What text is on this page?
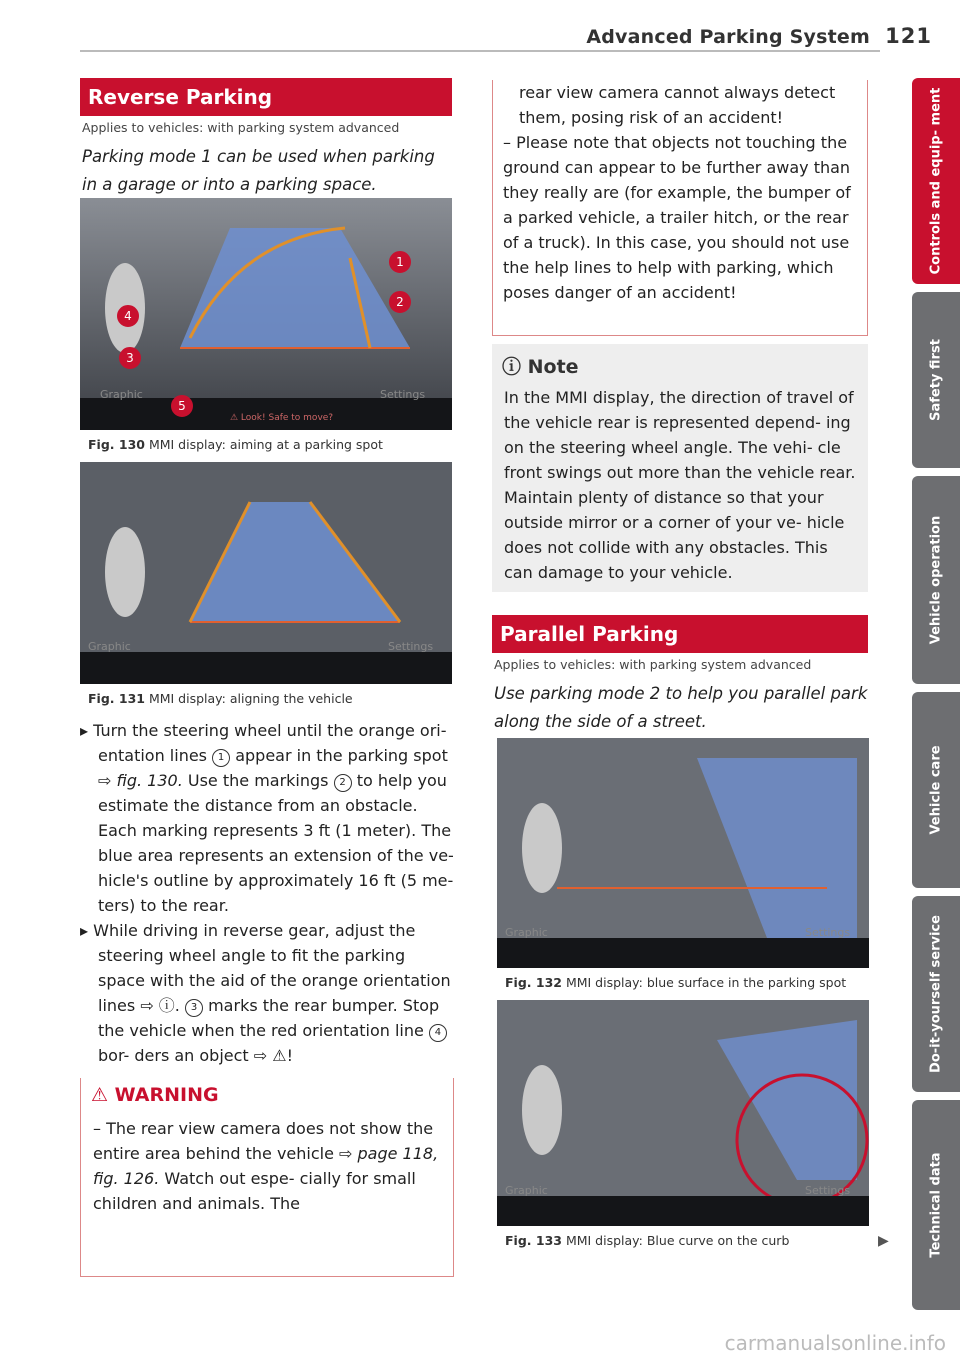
Advanced Parking System 121
Reverse Parking
Applies to vehicles: with parking system advanced
Parking mode 1 can be used when parking in a garage or into a parking space.
Graphic	Settings
⚠ Look! Safe to move?
1
2
4
3
5
Fig. 130 MMI display: aiming at a parking spot
Graphic	Settings
Fig. 131 MMI display: aligning the vehicle

▸ Turn the steering wheel until the orange ori- entation lines 1 appear in the parking spot ⇨ fig. 130. Use the markings 2 to help you estimate the distance from an obstacle. Each marking represents 3 ft (1 meter). The blue area represents an extension of the ve- hicle's outline by approximately 16 ft (5 me- ters) to the rear.

▸ While driving in reverse gear, adjust the steering wheel angle to fit the parking space with the aid of the orange orientation lines ⇨ ⓘ. 3 marks the rear bumper. Stop the vehicle when the red orientation line 4 bor- ders an object ⇨ ⚠!

⚠ WARNING
– The rear view camera does not show the entire area behind the vehicle ⇨ page 118, fig. 126. Watch out espe- cially for small children and animals. The

rear view camera cannot always detect them, posing risk of an accident!

– Please note that objects not touching the ground can appear to be further away than they really are (for example, the bumper of a parked vehicle, a trailer hitch, or the rear of a truck). In this case, you should not use the help lines to help with parking, which poses danger of an accident!

ⓘ Note
In the MMI display, the direction of travel of the vehicle rear is represented depend- ing on the steering wheel angle. The vehi- cle front swings out more than the vehicle rear. Maintain plenty of distance so that your outside mirror or a corner of your ve- hicle does not collide with any obstacles. This can damage to your vehicle.
Parallel Parking
Applies to vehicles: with parking system advanced
Use parking mode 2 to help you parallel park along the side of a street.
Graphic	Settings
Fig. 132 MMI display: blue surface in the parking spot
Graphic	Settings
Fig. 133 MMI display: Blue curve on the curb	▶
Controls and equip- ment
Safety first
Vehicle operation
Vehicle care
Do-it-yourself service
Technical data
carmanualsonline.info
